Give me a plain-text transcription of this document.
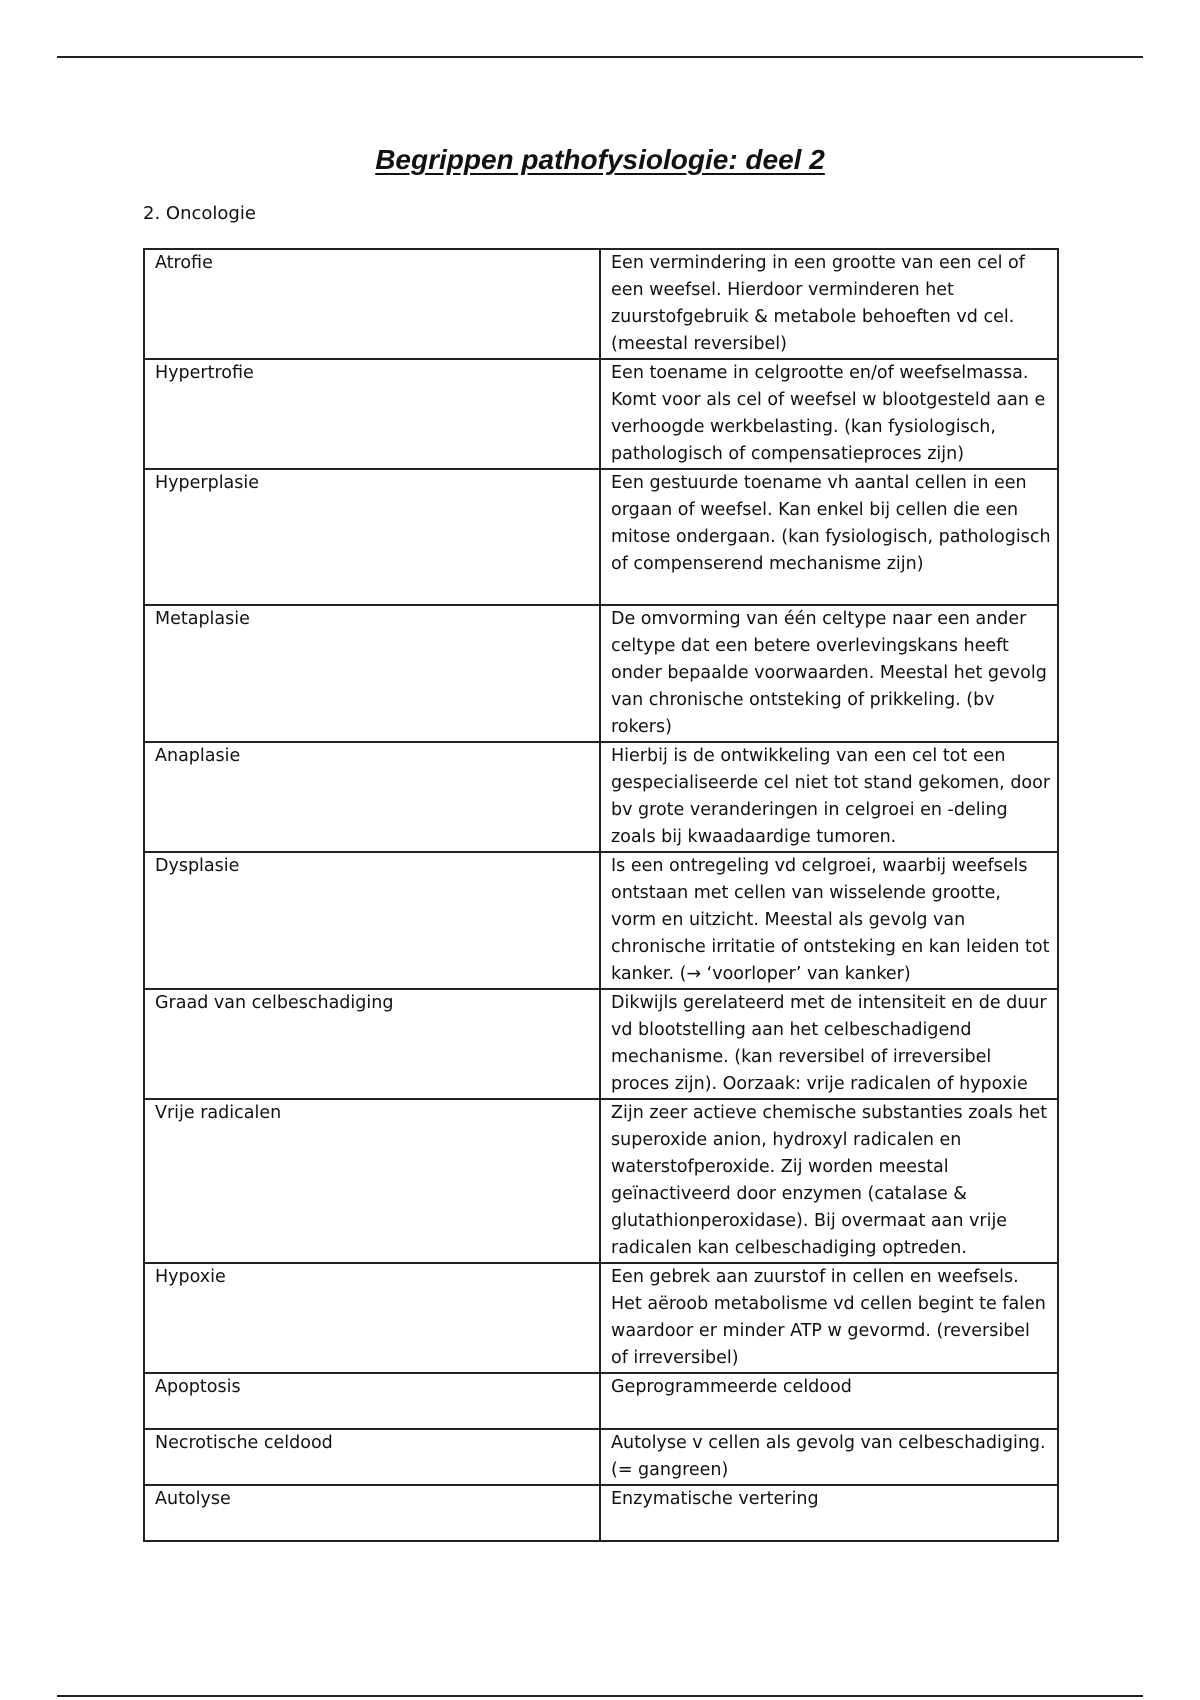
Begrippen pathofysiologie: deel 2

2. Oncologie

Atrofie	Een vermindering in een grootte van een cel of een weefsel. Hierdoor verminderen het zuurstofgebruik & metabole behoeften vd cel. (meestal reversibel)
Hypertrofie	Een toename in celgrootte en/of weefselmassa. Komt voor als cel of weefsel w blootgesteld aan e verhoogde werkbelasting. (kan fysiologisch, pathologisch of compensatieproces zijn)
Hyperplasie	Een gestuurde toename vh aantal cellen in een orgaan of weefsel. Kan enkel bij cellen die een mitose ondergaan. (kan fysiologisch, pathologisch of compenserend mechanisme zijn)
Metaplasie	De omvorming van één celtype naar een ander celtype dat een betere overlevingskans heeft onder bepaalde voorwaarden. Meestal het gevolg van chronische ontsteking of prikkeling. (bv rokers)
Anaplasie	Hierbij is de ontwikkeling van een cel tot een gespecialiseerde cel niet tot stand gekomen, door bv grote veranderingen in celgroei en -deling zoals bij kwaadaardige tumoren.
Dysplasie	Is een ontregeling vd celgroei, waarbij weefsels ontstaan met cellen van wisselende grootte, vorm en uitzicht. Meestal als gevolg van chronische irritatie of ontsteking en kan leiden tot kanker. (→ ‘voorloper’ van kanker)
Graad van celbeschadiging	Dikwijls gerelateerd met de intensiteit en de duur vd blootstelling aan het celbeschadigend mechanisme. (kan reversibel of irreversibel proces zijn). Oorzaak: vrije radicalen of hypoxie
Vrije radicalen	Zijn zeer actieve chemische substanties zoals het superoxide anion, hydroxyl radicalen en waterstofperoxide. Zij worden meestal geïnactiveerd door enzymen (catalase & glutathionperoxidase). Bij overmaat aan vrije radicalen kan celbeschadiging optreden.
Hypoxie	Een gebrek aan zuurstof in cellen en weefsels. Het aëroob metabolisme vd cellen begint te falen waardoor er minder ATP w gevormd. (reversibel of irreversibel)
Apoptosis	Geprogrammeerde celdood
Necrotische celdood	Autolyse v cellen als gevolg van celbeschadiging. (= gangreen)
Autolyse	Enzymatische vertering
